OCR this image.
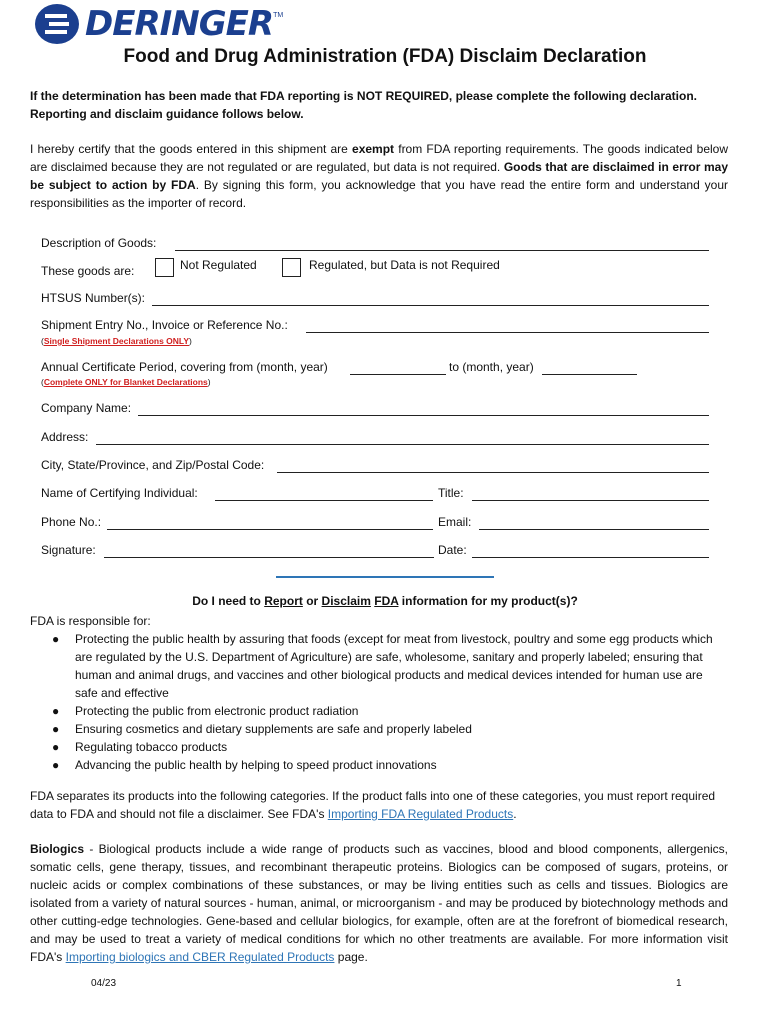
DERINGER TM
Food and Drug Administration (FDA) Disclaim Declaration
If the determination has been made that FDA reporting is NOT REQUIRED, please complete the following declaration. Reporting and disclaim guidance follows below.
I hereby certify that the goods entered in this shipment are exempt from FDA reporting requirements. The goods indicated below are disclaimed because they are not regulated or are regulated, but data is not required. Goods that are disclaimed in error may be subject to action by FDA. By signing this form, you acknowledge that you have read the entire form and understand your responsibilities as the importer of record.
Description of Goods:
These goods are:	Not Regulated	Regulated, but Data is not Required
HTSUS Number(s):
Shipment Entry No., Invoice or Reference No.:
(Single Shipment Declarations ONLY)
Annual Certificate Period, covering from (month, year)	to (month, year)
(Complete ONLY for Blanket Declarations)
Company Name:
Address:
City, State/Province, and Zip/Postal Code:
Name of Certifying Individual:	Title:
Phone No.:	Email:
Signature:	Date:
Do I need to Report or Disclaim FDA information for my product(s)?
FDA is responsible for:
● Protecting the public health by assuring that foods (except for meat from livestock, poultry and some egg products which are regulated by the U.S. Department of Agriculture) are safe, wholesome, sanitary and properly labeled; ensuring that human and animal drugs, and vaccines and other biological products and medical devices intended for human use are safe and effective
● Protecting the public from electronic product radiation
● Ensuring cosmetics and dietary supplements are safe and properly labeled
● Regulating tobacco products
● Advancing the public health by helping to speed product innovations
FDA separates its products into the following categories. If the product falls into one of these categories, you must report required data to FDA and should not file a disclaimer. See FDA's Importing FDA Regulated Products.
Biologics - Biological products include a wide range of products such as vaccines, blood and blood components, allergenics, somatic cells, gene therapy, tissues, and recombinant therapeutic proteins. Biologics can be composed of sugars, proteins, or nucleic acids or complex combinations of these substances, or may be living entities such as cells and tissues. Biologics are isolated from a variety of natural sources - human, animal, or microorganism - and may be produced by biotechnology methods and other cutting-edge technologies. Gene-based and cellular biologics, for example, often are at the forefront of biomedical research, and may be used to treat a variety of medical conditions for which no other treatments are available. For more information visit FDA's Importing biologics and CBER Regulated Products page.
04/23	1
